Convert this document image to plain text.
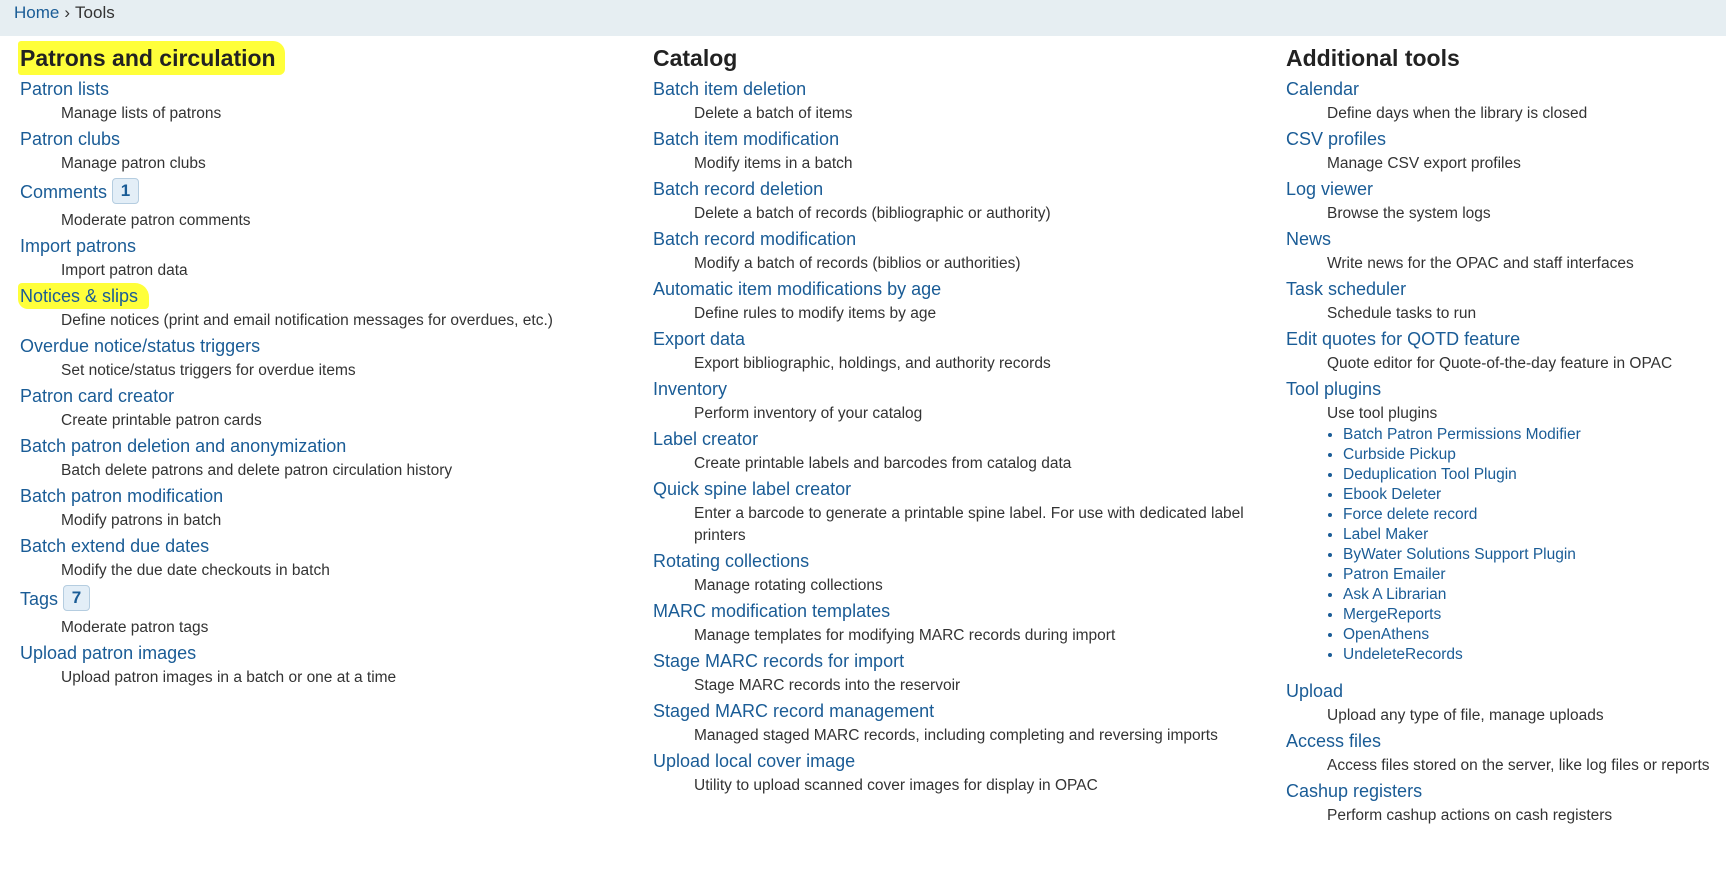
Home › Tools
Patrons and circulation
Patron lists
Manage lists of patrons
Patron clubs
Manage patron clubs
Comments 1
Moderate patron comments
Import patrons
Import patron data
Notices & slips
Define notices (print and email notification messages for overdues, etc.)
Overdue notice/status triggers
Set notice/status triggers for overdue items
Patron card creator
Create printable patron cards
Batch patron deletion and anonymization
Batch delete patrons and delete patron circulation history
Batch patron modification
Modify patrons in batch
Batch extend due dates
Modify the due date checkouts in batch
Tags 7
Moderate patron tags
Upload patron images
Upload patron images in a batch or one at a time
Catalog
Batch item deletion
Delete a batch of items
Batch item modification
Modify items in a batch
Batch record deletion
Delete a batch of records (bibliographic or authority)
Batch record modification
Modify a batch of records (biblios or authorities)
Automatic item modifications by age
Define rules to modify items by age
Export data
Export bibliographic, holdings, and authority records
Inventory
Perform inventory of your catalog
Label creator
Create printable labels and barcodes from catalog data
Quick spine label creator
Enter a barcode to generate a printable spine label. For use with dedicated label printers
Rotating collections
Manage rotating collections
MARC modification templates
Manage templates for modifying MARC records during import
Stage MARC records for import
Stage MARC records into the reservoir
Staged MARC record management
Managed staged MARC records, including completing and reversing imports
Upload local cover image
Utility to upload scanned cover images for display in OPAC
Additional tools
Calendar
Define days when the library is closed
CSV profiles
Manage CSV export profiles
Log viewer
Browse the system logs
News
Write news for the OPAC and staff interfaces
Task scheduler
Schedule tasks to run
Edit quotes for QOTD feature
Quote editor for Quote-of-the-day feature in OPAC
Tool plugins
Use tool plugins
• Batch Patron Permissions Modifier
• Curbside Pickup
• Deduplication Tool Plugin
• Ebook Deleter
• Force delete record
• Label Maker
• ByWater Solutions Support Plugin
• Patron Emailer
• Ask A Librarian
• MergeReports
• OpenAthens
• UndeleteRecords
Upload
Upload any type of file, manage uploads
Access files
Access files stored on the server, like log files or reports
Cashup registers
Perform cashup actions on cash registers
